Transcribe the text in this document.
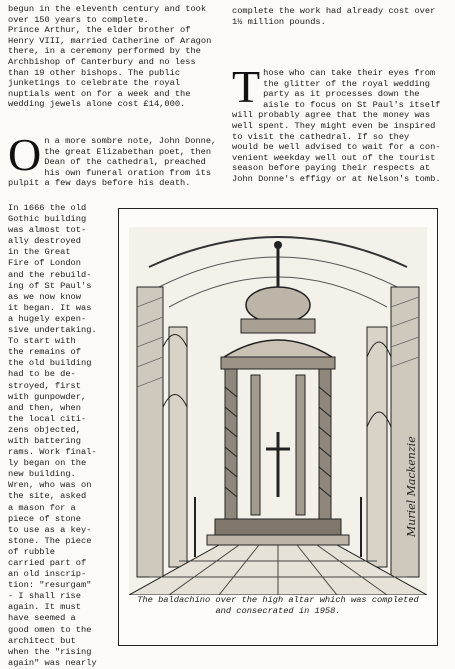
begun in the eleventh century and took
over 150 years to complete.
Prince Arthur, the elder brother of
Henry VIII, married Catherine of Aragon
there, in a ceremony performed by the
Archbishop of Canterbury and no less
than 19 other bishops. The public
junketings to celebrate the royal
nuptials went on for a week and the
wedding jewels alone cost £14,000.
complete the work had already cost over
1½ million pounds.
O n a more sombre note, John Donne,
the great Elizabethan poet, then
Dean of the cathedral, preached
his own funeral oration from its
pulpit a few days before his death.
T hose who can take their eyes from
the glitter of the royal wedding
party as it processes down the
aisle to focus on St Paul's itself
will probably agree that the money was
well spent. They might even be inspired
to visit the cathedral. If so they
would be well advised to wait for a con-
venient weekday well out of the tourist
season before paying their respects at
John Donne's effigy or at Nelson's tomb.
In 1666 the old
Gothic building
was almost tot-
ally destroyed
in the Great
Fire of London
and the rebuild-
ing of St Paul's
as we now know
it began. It was
a hugely expen-
sive undertaking.
To start with
the remains of
the old building
had to be de-
stroyed, first
with gunpowder,
and then, when
the local citi-
zens objected,
with battering
rams. Work final-
ly began on the
new building.
Wren, who was on
the site, asked
a mason for a
piece of stone
to use as a key-
stone. The piece
of rubble
carried part of
an old inscrip-
tion: "resurgam"
- I shall rise
again. It must
have seemed a
good omen to the
architect but
when the "rising
again" was nearly
Muriel Mackenzie
The baldachino over the high altar which was completed
and consecrated in 1958.
